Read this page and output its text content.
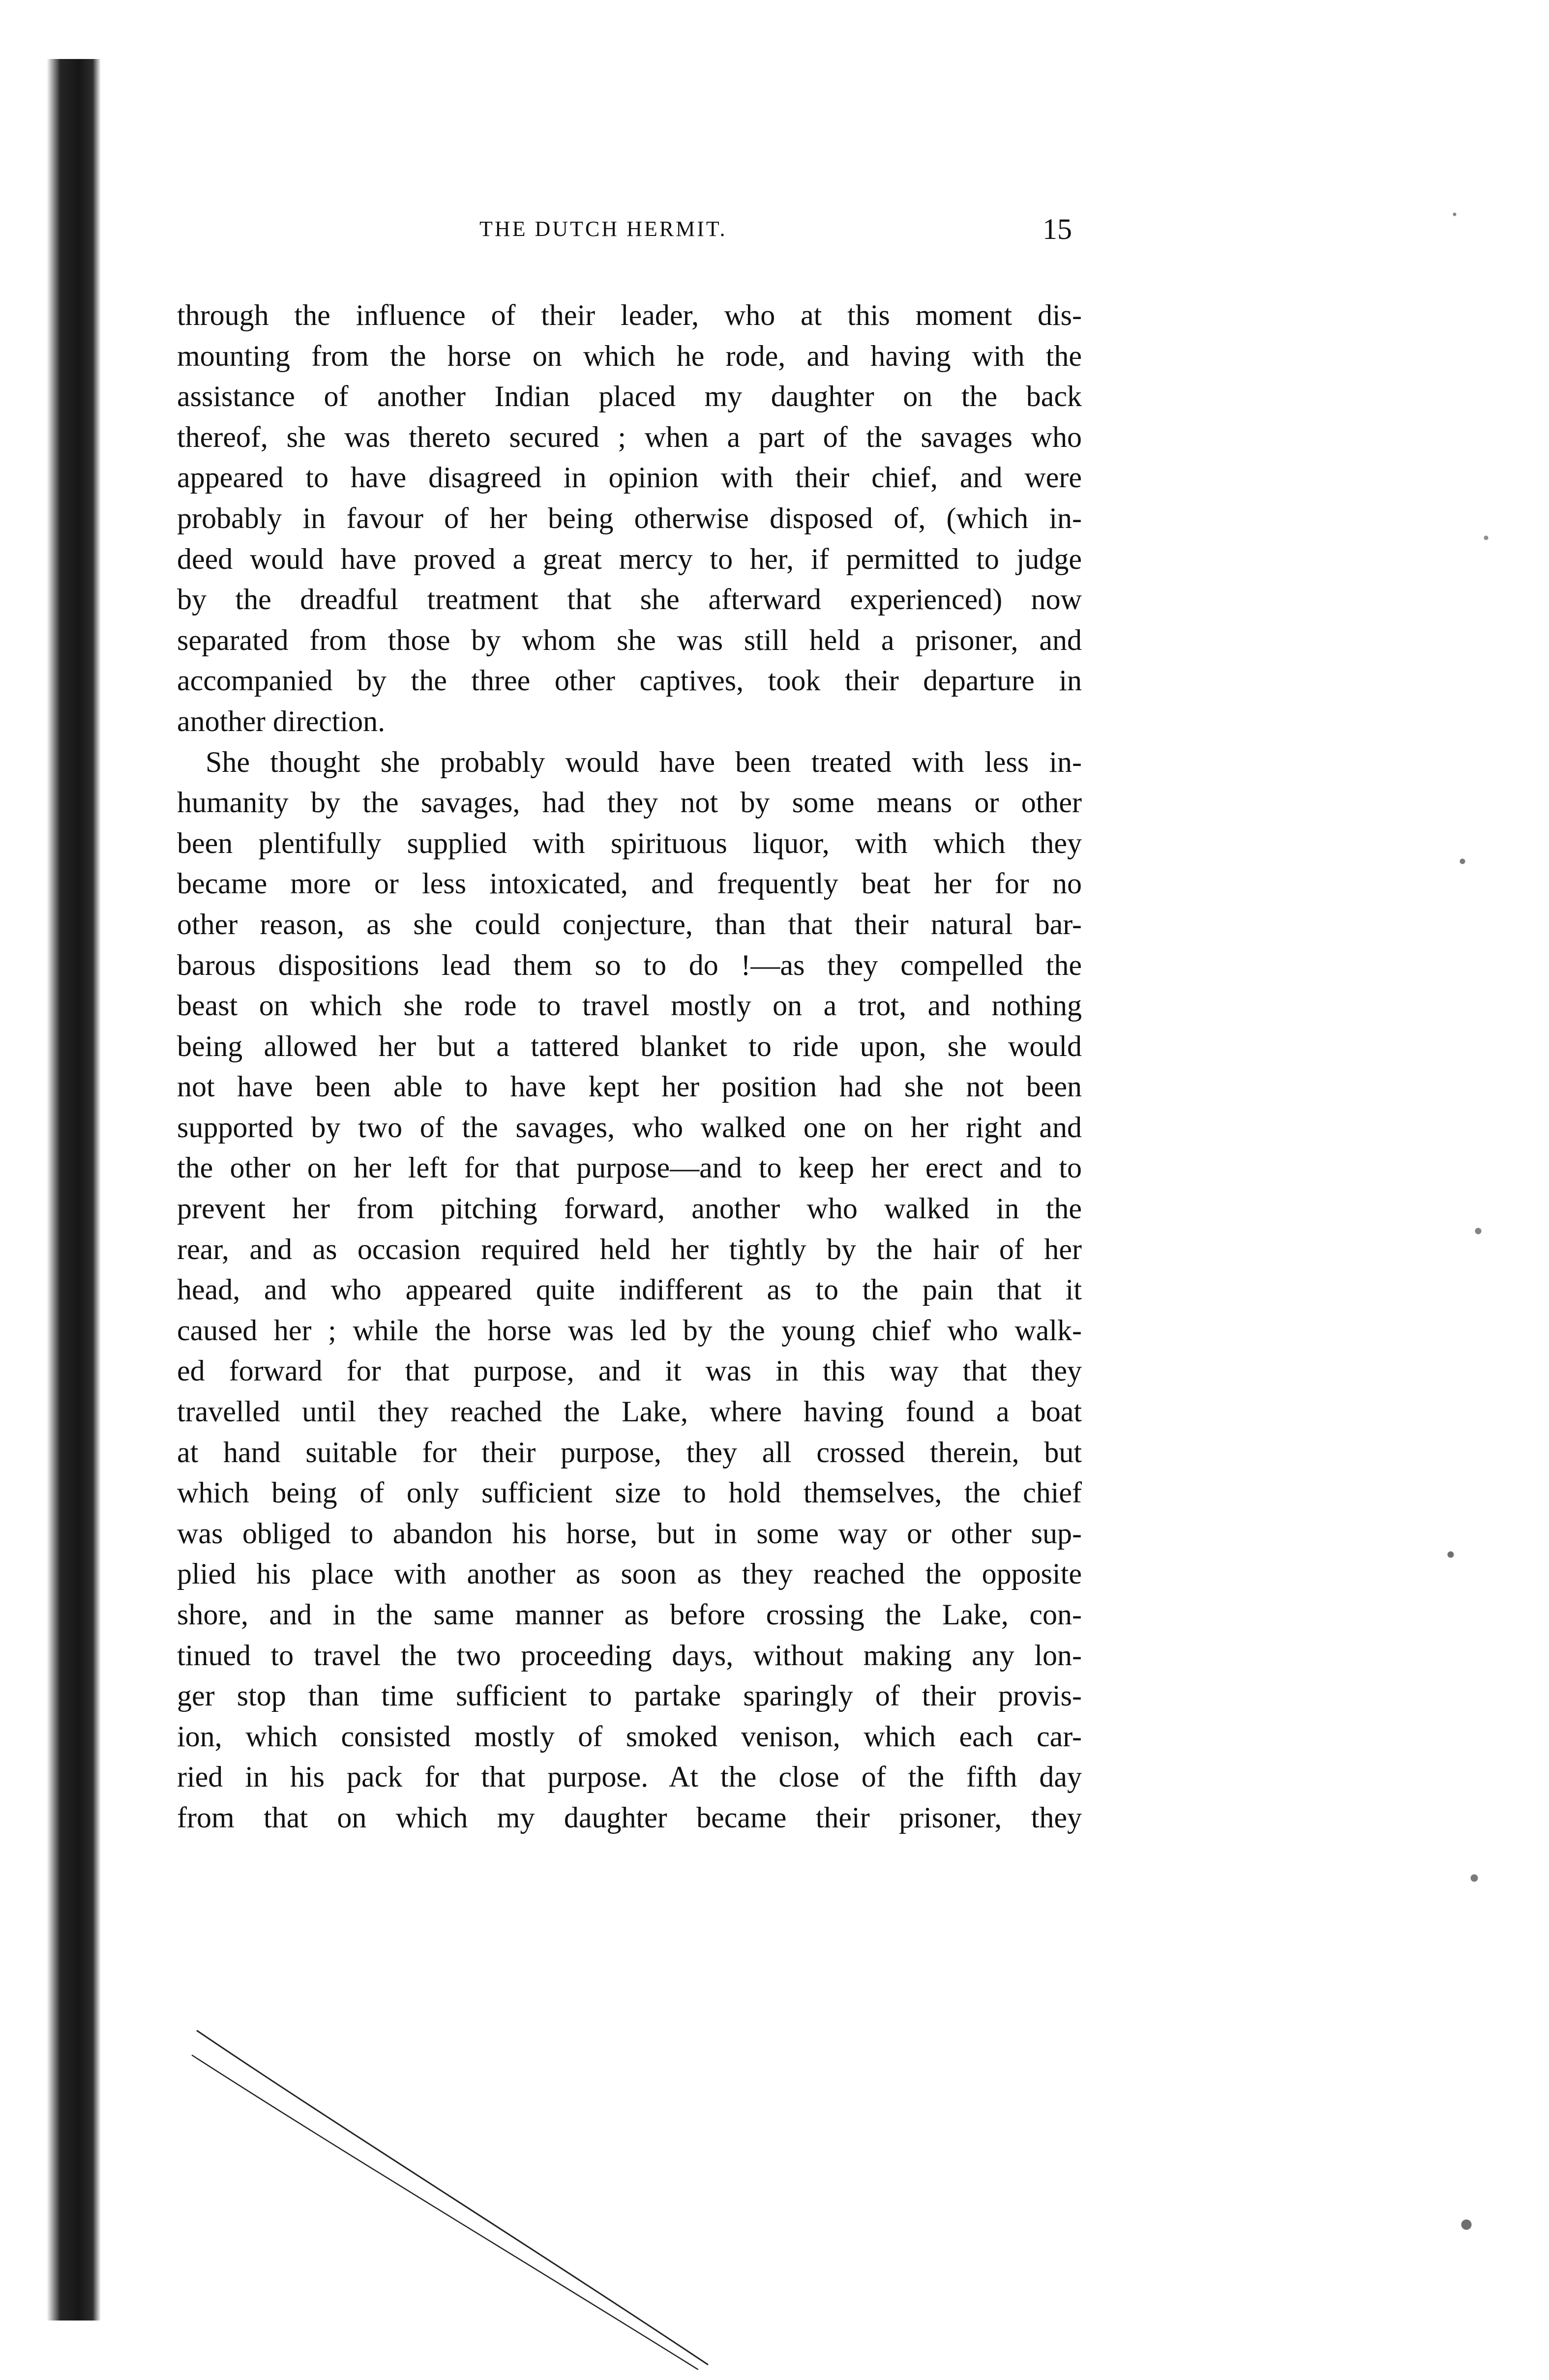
THE DUTCH HERMIT.	15
through the influence of their leader, who at this moment dis-
mounting from the horse on which he rode, and having with the
assistance of another Indian placed my daughter on the back
thereof, she was thereto secured ; when a part of the savages who
appeared to have disagreed in opinion with their chief, and were
probably in favour of her being otherwise disposed of, (which in-
deed would have proved a great mercy to her, if permitted to judge
by the dreadful treatment that she afterward experienced) now
separated from those by whom she was still held a prisoner, and
accompanied by the three other captives, took their departure in
another direction.
She thought she probably would have been treated with less in-
humanity by the savages, had they not by some means or other
been plentifully supplied with spirituous liquor, with which they
became more or less intoxicated, and frequently beat her for no
other reason, as she could conjecture, than that their natural bar-
barous dispositions lead them so to do !—as they compelled the
beast on which she rode to travel mostly on a trot, and nothing
being allowed her but a tattered blanket to ride upon, she would
not have been able to have kept her position had she not been
supported by two of the savages, who walked one on her right and
the other on her left for that purpose—and to keep her erect and to
prevent her from pitching forward, another who walked in the
rear, and as occasion required held her tightly by the hair of her
head, and who appeared quite indifferent as to the pain that it
caused her ; while the horse was led by the young chief who walk-
ed forward for that purpose, and it was in this way that they
travelled until they reached the Lake, where having found a boat
at hand suitable for their purpose, they all crossed therein, but
which being of only sufficient size to hold themselves, the chief
was obliged to abandon his horse, but in some way or other sup-
plied his place with another as soon as they reached the opposite
shore, and in the same manner as before crossing the Lake, con-
tinued to travel the two proceeding days, without making any lon-
ger stop than time sufficient to partake sparingly of their provis-
ion, which consisted mostly of smoked venison, which each car-
ried in his pack for that purpose. At the close of the fifth day
from that on which my daughter became their prisoner, they
